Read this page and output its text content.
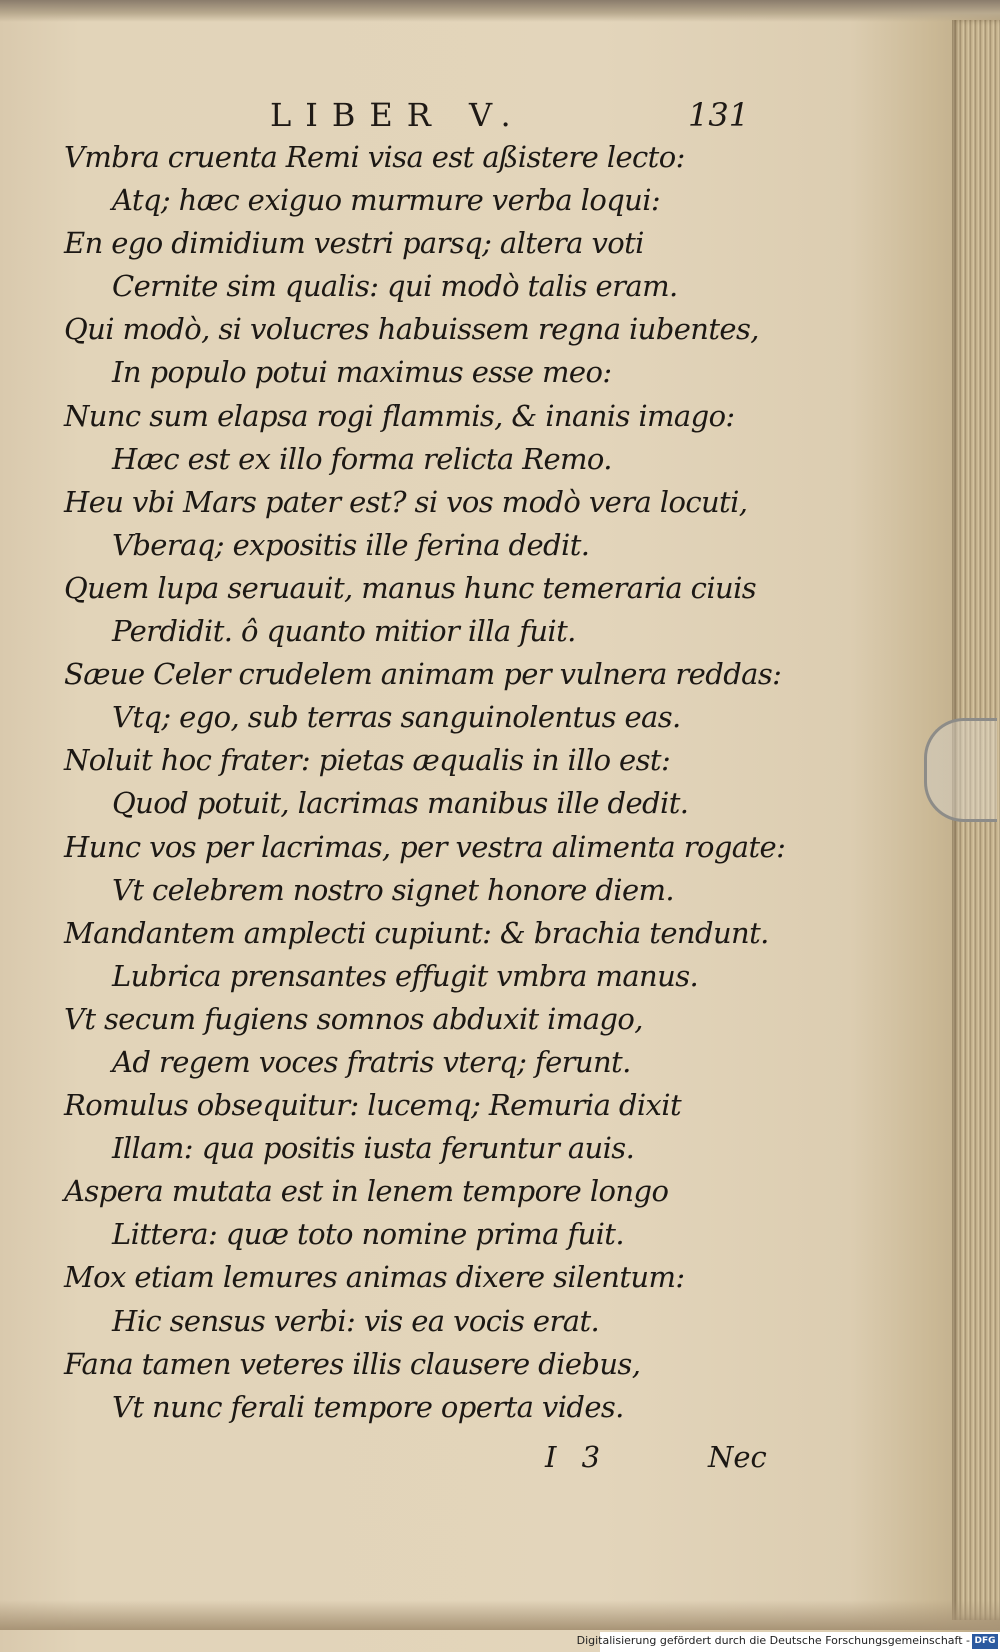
LIBER V.	131
Vmbra cruenta Remi visa est aßistere lecto:
Atq; hæc exiguo murmure verba loqui:
En ego dimidium vestri parsq; altera voti
Cernite sim qualis: qui modò talis eram.
Qui modò, si volucres habuissem regna iubentes,
In populo potui maximus esse meo:
Nunc sum elapsa rogi flammis, & inanis imago:
Hæc est ex illo forma relicta Remo.
Heu vbi Mars pater est? si vos modò vera locuti,
Vberaq; expositis ille ferina dedit.
Quem lupa seruauit, manus hunc temeraria ciuis
Perdidit. ô quanto mitior illa fuit.
Sæue Celer crudelem animam per vulnera reddas:
Vtq; ego, sub terras sanguinolentus eas.
Noluit hoc frater: pietas æqualis in illo est:
Quod potuit, lacrimas manibus ille dedit.
Hunc vos per lacrimas, per vestra alimenta rogate:
Vt celebrem nostro signet honore diem.
Mandantem amplecti cupiunt: & brachia tendunt.
Lubrica prensantes effugit vmbra manus.
Vt secum fugiens somnos abduxit imago,
Ad regem voces fratris vterq; ferunt.
Romulus obsequitur: lucemq; Remuria dixit
Illam: qua positis iusta feruntur auis.
Aspera mutata est in lenem tempore longo
Littera: quæ toto nomine prima fuit.
Mox etiam lemures animas dixere silentum:
Hic sensus verbi: vis ea vocis erat.
Fana tamen veteres illis clausere diebus,
Vt nunc ferali tempore operta vides.
I 3	Nec
Digitalisierung gefördert durch die Deutsche Forschungsgemeinschaft - DFG
